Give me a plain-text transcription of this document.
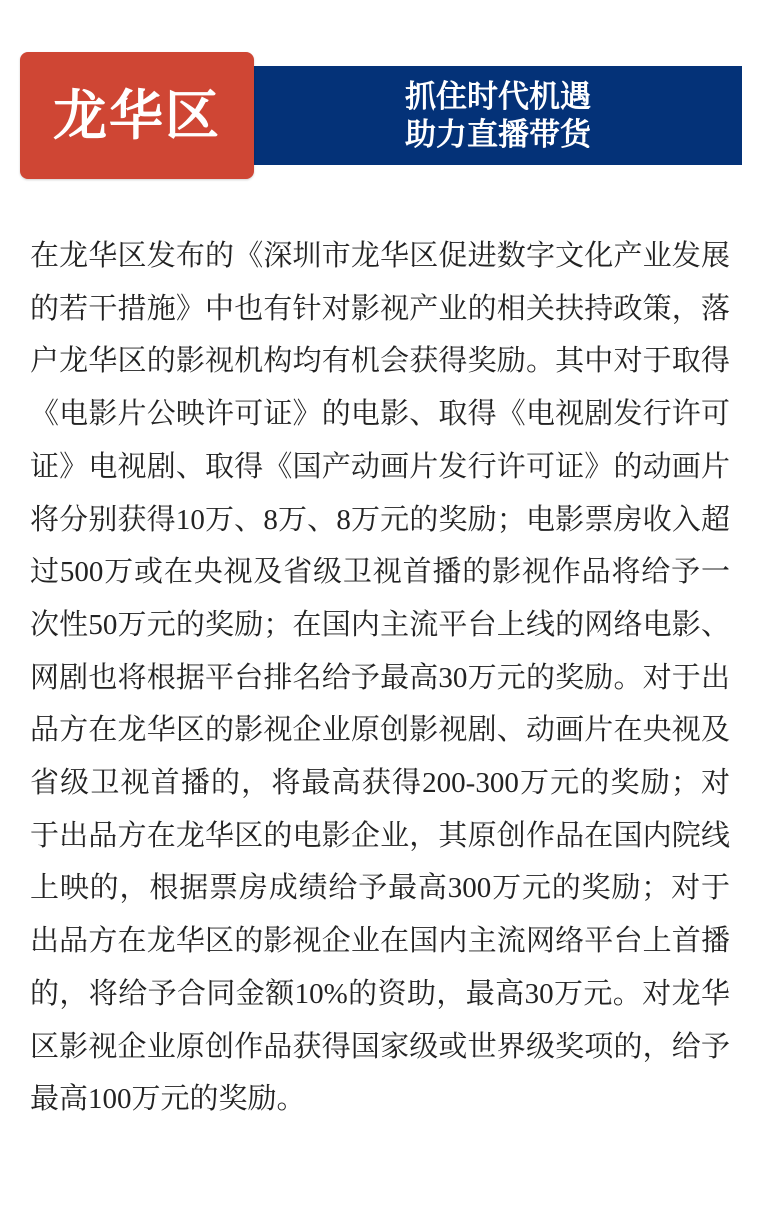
龙华区	抓住时代机遇
助力直播带货

在龙华区发布的《深圳市龙华区促进数字文化产业发展的若干措施》中也有针对影视产业的相关扶持政策，落户龙华区的影视机构均有机会获得奖励。其中对于取得《电影片公映许可证》的电影、取得《电视剧发行许可证》电视剧、取得《国产动画片发行许可证》的动画片将分别获得10万、8万、8万元的奖励；电影票房收入超过500万或在央视及省级卫视首播的影视作品将给予一次性50万元的奖励；在国内主流平台上线的网络电影、网剧也将根据平台排名给予最高30万元的奖励。对于出品方在龙华区的影视企业原创影视剧、动画片在央视及省级卫视首播的，将最高获得200-300万元的奖励；对于出品方在龙华区的电影企业，其原创作品在国内院线上映的，根据票房成绩给予最高300万元的奖励；对于出品方在龙华区的影视企业在国内主流网络平台上首播的，将给予合同金额10%的资助，最高30万元。对龙华区影视企业原创作品获得国家级或世界级奖项的，给予最高100万元的奖励。
